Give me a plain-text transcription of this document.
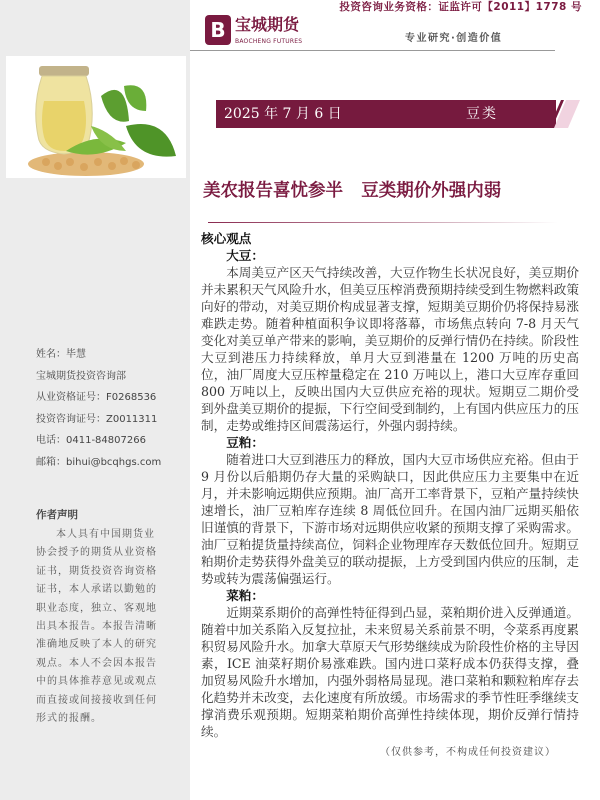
姓名：毕慧
宝城期货投资咨询部
从业资格证号：F0268536
投资咨询证号：Z0011311
电话：0411-84807266
邮箱：bihui@bcqhgs.com
作者声明
本人具有中国期货业协会授予的期货从业资格证书，期货投资咨询资格证书，本人承诺以勤勉的职业态度，独立、客观地出具本报告。本报告清晰准确地反映了本人的研究观点。本人不会因本报告中的具体推荐意见或观点而直接或间接接收到任何形式的报酬。
投资咨询业务资格：证监许可【2011】1778 号
B 宝城期货
BAOCHENG FUTURES	专业研究·创造价值
2025 年 7 月 6 日	豆类
美农报告喜忧参半   豆类期价外强内弱
核心观点
大豆：

本周美豆产区天气持续改善，大豆作物生长状况良好，美豆期价并未累积天气风险升水，但美豆压榨消费预期持续受到生物燃料政策向好的带动，对美豆期价构成显著支撑，短期美豆期价仍将保持易涨难跌走势。随着种植面积争议即将落幕，市场焦点转向 7-8 月天气变化对美豆单产带来的影响，美豆期价的反弹行情仍在持续。阶段性大豆到港压力持续释放，单月大豆到港量在 1200 万吨的历史高位，油厂周度大豆压榨量稳定在 210 万吨以上，港口大豆库存重回 800 万吨以上，反映出国内大豆供应充裕的现状。短期豆二期价受到外盘美豆期价的提振，下行空间受到制约，上有国内供应压力的压制，走势或维持区间震荡运行，外强内弱持续。

豆粕：

随着进口大豆到港压力的释放，国内大豆市场供应充裕。但由于 9 月份以后船期仍存大量的采购缺口，因此供应压力主要集中在近月，并未影响远期供应预期。油厂高开工率背景下，豆粕产量持续快速增长，油厂豆粕库存连续 8 周低位回升。在国内油厂远期买船依旧谨慎的背景下，下游市场对远期供应收紧的预期支撑了采购需求。油厂豆粕提货量持续高位，饲料企业物理库存天数低位回升。短期豆粕期价走势获得外盘美豆的联动提振，上方受到国内供应的压制，走势或转为震荡偏强运行。

菜粕：

近期菜系期价的高弹性特征得到凸显，菜粕期价进入反弹通道。随着中加关系陷入反复拉扯，未来贸易关系前景不明，令菜系再度累积贸易风险升水。加拿大草原天气形势继续成为阶段性价格的主导因素，ICE 油菜籽期价易涨难跌。国内进口菜籽成本仍获得支撑，叠加贸易风险升水增加，内强外弱格局显现。港口菜粕和颗粒粕库存去化趋势并未改变，去化速度有所放缓。市场需求的季节性旺季继续支撑消费乐观预期。短期菜粕期价高弹性持续体现，期价反弹行情持续。

（仅供参考，不构成任何投资建议）
